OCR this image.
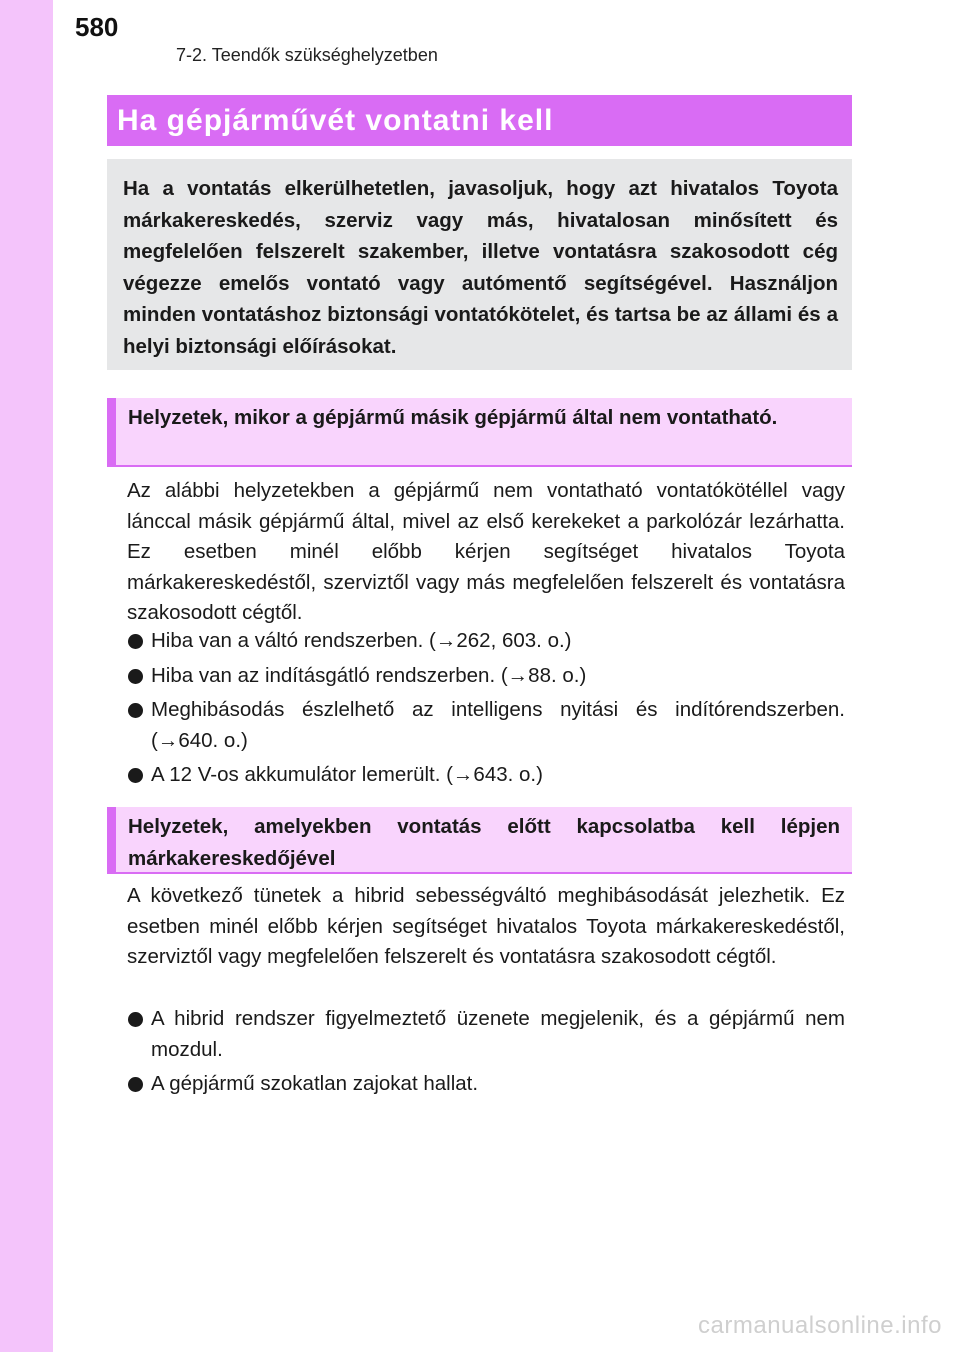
580
7-2. Teendők szükséghelyzetben
Ha gépjárművét vontatni kell
Ha a vontatás elkerülhetetlen, javasoljuk, hogy azt hivatalos Toyota márkakereskedés, szerviz vagy más, hivatalosan minősített és megfelelően felszerelt szakember, illetve vontatásra szakosodott cég végezze emelős vontató vagy autómentő segítségével. Használjon minden vontatáshoz biztonsági vontatókötelet, és tartsa be az állami és a helyi biztonsági előírásokat.
Helyzetek, mikor a gépjármű másik gépjármű által nem vontatható.
Az alábbi helyzetekben a gépjármű nem vontatható vontatókötéllel vagy lánccal másik gépjármű által, mivel az első kerekeket a parkolózár lezárhatta. Ez esetben minél előbb kérjen segítséget hivatalos Toyota márkakereskedéstől, szerviztől vagy más megfelelően felszerelt és vontatásra szakosodott cégtől.
Hiba van a váltó rendszerben. (→262, 603. o.)
Hiba van az indításgátló rendszerben. (→88. o.)
Meghibásodás észlelhető az intelligens nyitási és indítórendszerben. (→640. o.)
A 12 V-os akkumulátor lemerült. (→643. o.)
Helyzetek, amelyekben vontatás előtt kapcsolatba kell lépjen márkakereskedőjével
A következő tünetek a hibrid sebességváltó meghibásodását jelezhetik. Ez esetben minél előbb kérjen segítséget hivatalos Toyota márkakereskedéstől, szerviztől vagy megfelelően felszerelt és vontatásra szakosodott cégtől.
A hibrid rendszer figyelmeztető üzenete megjelenik, és a gépjármű nem mozdul.
A gépjármű szokatlan zajokat hallat.
carmanualsonline.info
